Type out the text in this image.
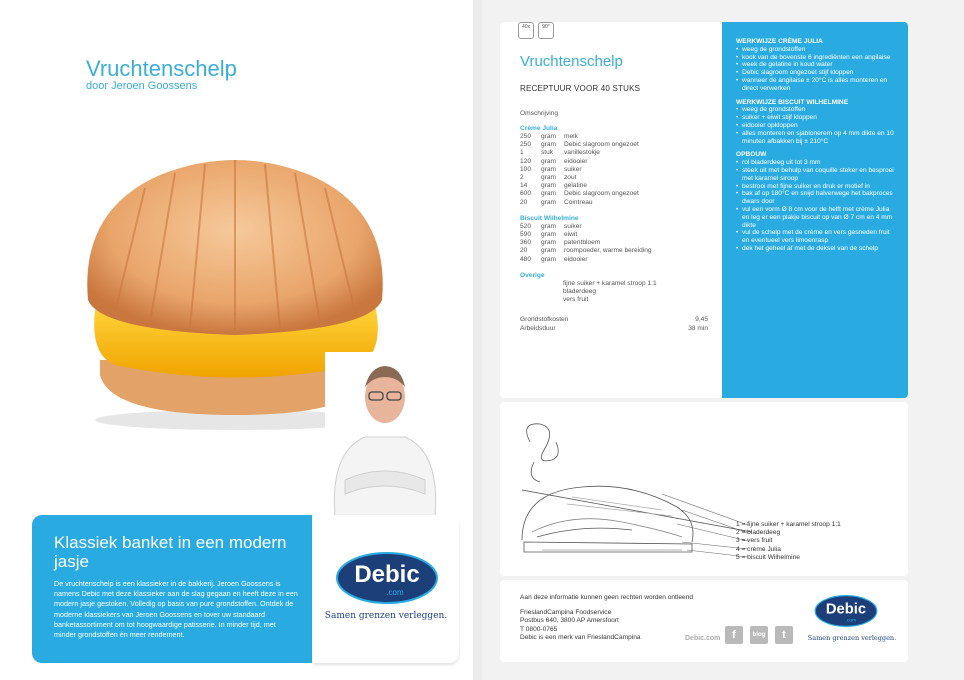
Vruchtenschelp
door Jeroen Goossens
Klassiek banket in een modern jasje

De vruchtenschelp is een klassieker in de bakkerij. Jeroen Goossens is namens Debic met deze klassieker aan de slag gegaan en heeft deze in een modern jasje gestoken. Volledig op basis van pure grondstoffen. Ontdek de moderne klassiekers van Jeroen Goossens en tover uw standaard banketassortiment om tot hoogwaardige patisserie. In minder tijd, met minder grondstoffen én meer rendement.

Debic
.com
Samen grenzen verleggen.
40x	90°
Vruchtenschelp
RECEPTUUR VOOR 40 STUKS
Omschrijving
Crème Julia
250	gram	melk
250	gram	Debic slagroom ongezoet
1	stuk	vanillestokje
120	gram	eidooier
100	gram	suiker
2	gram	zout
14	gram	gelatine
600	gram	Debic slagroom ongezoet
20	gram	Cointreau
Biscuit Wilhelmine
520	gram	suiker
590	gram	eiwit
360	gram	patentbloem
20	gram	roompoeder, warme bereiding
480	gram	eidooier
Overige
fijne suiker + karamel stroop 1:1
bladerdeeg
vers fruit
Grondstofkosten	9,45
Arbeidsduur	38 min
WERKWIJZE CRÈME JULIA
• weeg de grondstoffen
• kook van de bovenste 6 ingrediënten een angilaise
• week de gelatine in koud water
• Debic slagroom ongezoet stijf kloppen
• wanneer de angilaise ± 20°C is alles monteren en direct verwerken
WERKWIJZE BISCUIT WILHELMINE
• weeg de grondstoffen
• suiker + eiwit stijf kloppen
• eidooier opkloppen
• alles monteren en sjablonerem op 4 mm dikte en 10 minuten afbakken bij ± 210°C
OPBOUW
• rol bladerdeeg uit tot 3 mm
• steek uit met behulp van coquille steker en besproei met karamel siroop
• bestrooi met fijne suiker en druk er motief in
• bak af op 180°C en snijd halverwege het bakproces dwars door
• vul een vorm Ø 8 cm voor de helft met crème Julia en leg er een plakje biscuit op van Ø 7 cm en 4 mm dikte
• vul de schelp met de crème en vers gesneden fruit en eventueel vers limoenrasp
• dek het geheel af met de deksel van de schelp
1 = fijne suiker + karamel stroop 1:1
2 = bladerdeeg
3 = vers fruit
4 = crème Julia
5 = biscuit Wilhelmine
Aan deze informatie kunnen geen rechten worden ontleend
FrieslandCampina Foodservice
Postbus 640, 3800 AP Amersfoort
T 0800-0765
Debic is een merk van FrieslandCampina	Debic.com	f	blog	t
Debic
.com
Samen grenzen verleggen.
